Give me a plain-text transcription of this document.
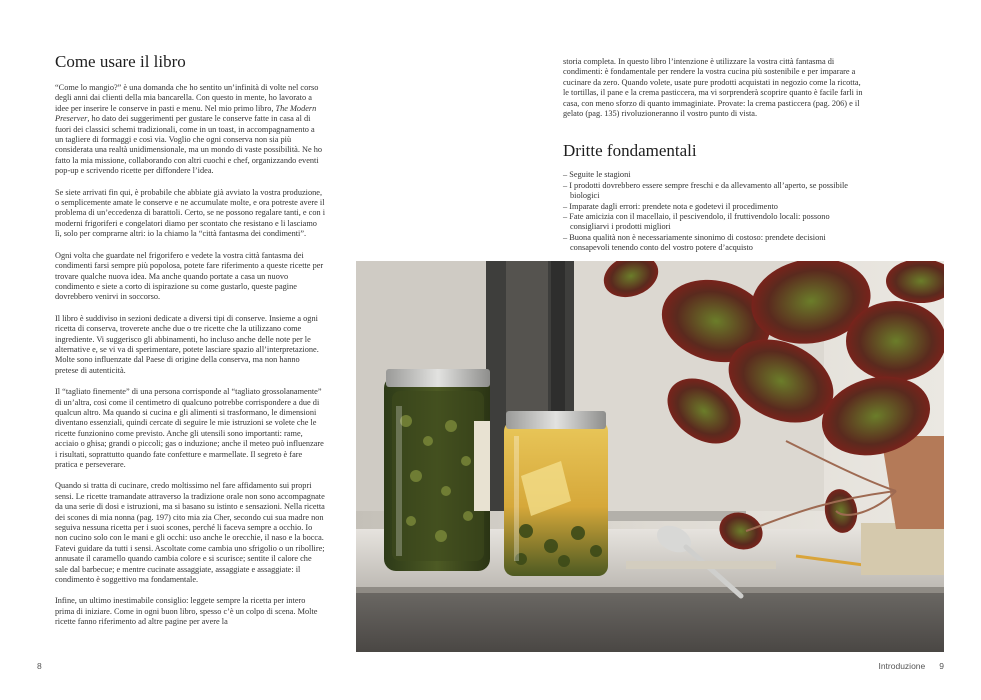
Come usare il libro

“Come lo mangio?” è una domanda che ho sentito un’infinità di volte nel corso degli anni dai clienti della mia bancarella. Con questo in mente, ho lavorato a idee per inserire le conserve in pasti e menu. Nel mio primo libro, The Modern Preserver, ho dato dei suggerimenti per gustare le conserve fatte in casa al di fuori dei classici schemi tradizionali, come in un toast, in accompagnamento a un tagliere di formaggi e così via. Voglio che ogni conserva non sia più considerata una realtà unidimensionale, ma un mondo di vaste possibilità. Ne ho fatto la mia missione, collaborando con altri cuochi e chef, organizzando eventi pop-up e scrivendo ricette per diffondere l’idea.

Se siete arrivati fin qui, è probabile che abbiate già avviato la vostra produzione, o semplicemente amate le conserve e ne accumulate molte, e ora potreste avere il problema di un’eccedenza di barattoli. Certo, se ne possono regalare tanti, e con i moderni frigoriferi e congelatori diamo per scontato che resistano e li lasciamo lì, solo per comprarne altri: io la chiamo la “città fantasma dei condimenti”.

Ogni volta che guardate nel frigorifero e vedete la vostra città fantasma dei condimenti farsi sempre più popolosa, potete fare riferimento a queste ricette per trovare qualche nuova idea. Ma anche quando portate a casa un nuovo condimento e siete a corto di ispirazione su come gustarlo, queste pagine dovrebbero venirvi in soccorso.

Il libro è suddiviso in sezioni dedicate a diversi tipi di conserve. Insieme a ogni ricetta di conserva, troverete anche due o tre ricette che la utilizzano come ingrediente. Vi suggerisco gli abbinamenti, ho incluso anche delle note per le alternative e, se vi va di sperimentare, potete lasciare spazio all’interpretazione. Molte sono influenzate dal Paese di origine della conserva, ma non hanno pretese di autenticità.

Il “tagliato finemente” di una persona corrisponde al “tagliato grossolanamente” di un’altra, così come il centimetro di qualcuno potrebbe corrispondere a due di qualcun altro. Ma quando si cucina e gli alimenti si trasformano, le dimensioni diventano essenziali, quindi cercate di seguire le mie istruzioni se volete che le ricette funzionino come previsto. Anche gli utensili sono importanti: rame, acciaio o ghisa; grandi o piccoli; gas o induzione; anche il meteo può influenzare i risultati, soprattutto quando fate confetture e marmellate. Il segreto è fare pratica e perseverare.

Quando si tratta di cucinare, credo moltissimo nel fare affidamento sui propri sensi. Le ricette tramandate attraverso la tradizione orale non sono accompagnate da una serie di dosi e istruzioni, ma si basano su istinto e sensazioni. Nella ricetta dei scones di mia nonna (pag. 197) cito mia zia Cher, secondo cui sua madre non seguiva nessuna ricetta per i suoi scones, perché li faceva sempre a occhio. Io non cucino solo con le mani e gli occhi: uso anche le orecchie, il naso e la bocca. Fatevi guidare da tutti i sensi. Ascoltate come cambia uno sfrigolio o un ribollire; annusate il caramello quando cambia colore e si scurisce; sentite il calore che sale dal barbecue; e mentre cucinate assaggiate, assaggiate e assaggiate: il condimento è soggettivo ma fondamentale.

Infine, un ultimo inestimabile consiglio: leggete sempre la ricetta per intero prima di iniziare. Come in ogni buon libro, spesso c’è un colpo di scena. Molte ricette fanno riferimento ad altre pagine per avere la

8

storia completa. In questo libro l’intenzione è utilizzare la vostra città fantasma di condimenti: è fondamentale per rendere la vostra cucina più sostenibile e per imparare a cucinare da zero. Quando volete, usate pure prodotti acquistati in negozio come la ricotta, le tortillas, il pane e la crema pasticcera, ma vi sorprenderà scoprire quanto è facile farli in casa, con meno sforzo di quanto immaginiate. Provate: la crema pasticcera (pag. 206) e il gelato (pag. 135) rivoluzioneranno il vostro punto di vista.

Dritte fondamentali
– Seguite le stagioni
– I prodotti dovrebbero essere sempre freschi e da allevamento all’aperto, se possibile biologici
– Imparate dagli errori: prendete nota e godetevi il procedimento
– Fate amicizia con il macellaio, il pescivendolo, il fruttivendolo locali: possono consigliarvi i prodotti migliori
– Buona qualità non è necessariamente sinonimo di costoso: prendete decisioni consapevoli tenendo conto del vostro potere d’acquisto
Introduzione 9
